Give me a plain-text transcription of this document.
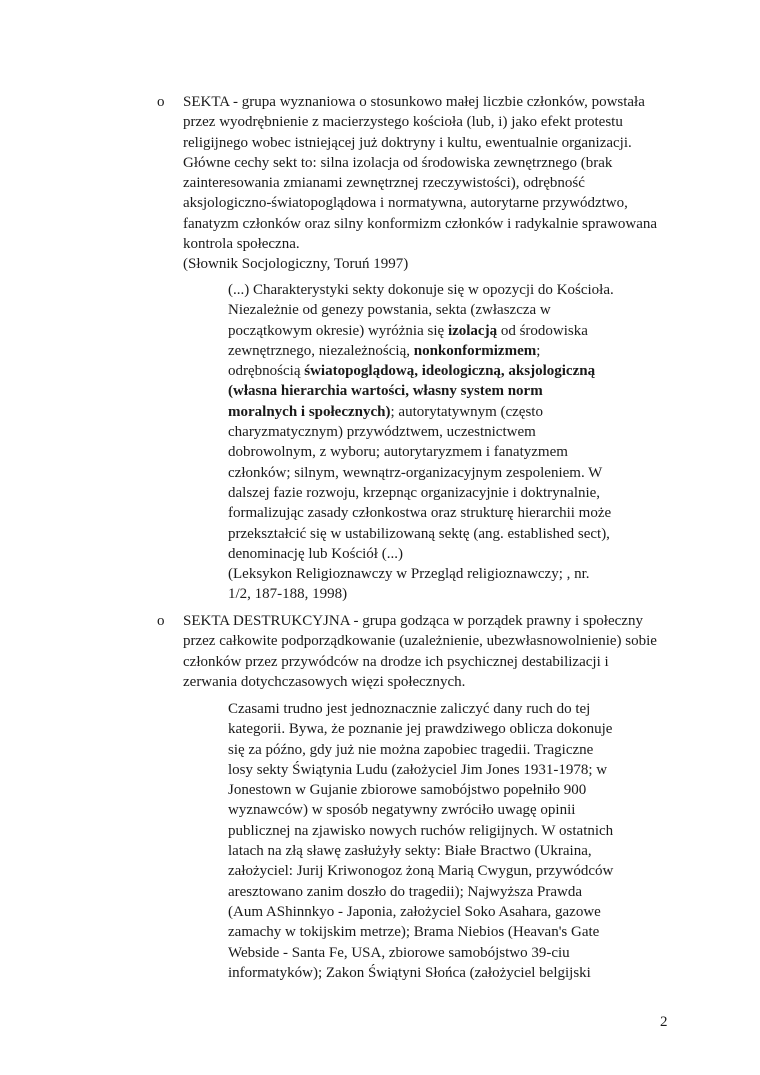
o SEKTA - grupa wyznaniowa o stosunkowo małej liczbie członków, powstała
przez wyodrębnienie z macierzystego kościoła (lub, i) jako efekt protestu
religijnego wobec istniejącej już doktryny i kultu, ewentualnie organizacji.
Główne cechy sekt to: silna izolacja od środowiska zewnętrznego (brak
zainteresowania zmianami zewnętrznej rzeczywistości), odrębność
aksjologiczno-światopoglądowa i normatywna, autorytarne przywództwo,
fanatyzm członków oraz silny konformizm członków i radykalnie sprawowana
kontrola społeczna.
(Słownik Socjologiczny, Toruń 1997)
(...) Charakterystyki sekty dokonuje się w opozycji do Kościoła.
Niezależnie od genezy powstania, sekta (zwłaszcza w
początkowym okresie) wyróżnia się izolacją od środowiska
zewnętrznego, niezależnością, nonkonformizmem;
odrębnością światopoglądową, ideologiczną, aksjologiczną
(własna hierarchia wartości, własny system norm
moralnych i społecznych); autorytatywnym (często
charyzmatycznym) przywództwem, uczestnictwem
dobrowolnym, z wyboru; autorytaryzmem i fanatyzmem
członków; silnym, wewnątrz-organizacyjnym zespoleniem. W
dalszej fazie rozwoju, krzepnąc organizacyjnie i doktrynalnie,
formalizując zasady członkostwa oraz strukturę hierarchii może
przekształcić się w ustabilizowaną sektę (ang. established sect),
denominację lub Kościół (...)
(Leksykon Religioznawczy w Przegląd religioznawczy; , nr.
1/2, 187-188, 1998)
o SEKTA DESTRUKCYJNA - grupa godząca w porządek prawny i społeczny
przez całkowite podporządkowanie (uzależnienie, ubezwłasnowolnienie) sobie
członków przez przywódców na drodze ich psychicznej destabilizacji i
zerwania dotychczasowych więzi społecznych.
Czasami trudno jest jednoznacznie zaliczyć dany ruch do tej
kategorii. Bywa, że poznanie jej prawdziwego oblicza dokonuje
się za późno, gdy już nie można zapobiec tragedii. Tragiczne
losy sekty Świątynia Ludu (założyciel Jim Jones 1931-1978; w
Jonestown w Gujanie zbiorowe samobójstwo popełniło 900
wyznawców) w sposób negatywny zwróciło uwagę opinii
publicznej na zjawisko nowych ruchów religijnych. W ostatnich
latach na złą sławę zasłużyły sekty: Białe Bractwo (Ukraina,
założyciel: Jurij Kriwonogoz żoną Marią Cwygun, przywódców
aresztowano zanim doszło do tragedii); Najwyższa Prawda
(Aum AShinnkyo - Japonia, założyciel Soko Asahara, gazowe
zamachy w tokijskim metrze); Brama Niebios (Heavan's Gate
Webside - Santa Fe, USA, zbiorowe samobójstwo 39-ciu
informatyków); Zakon Świątyni Słońca (założyciel belgijski
2
